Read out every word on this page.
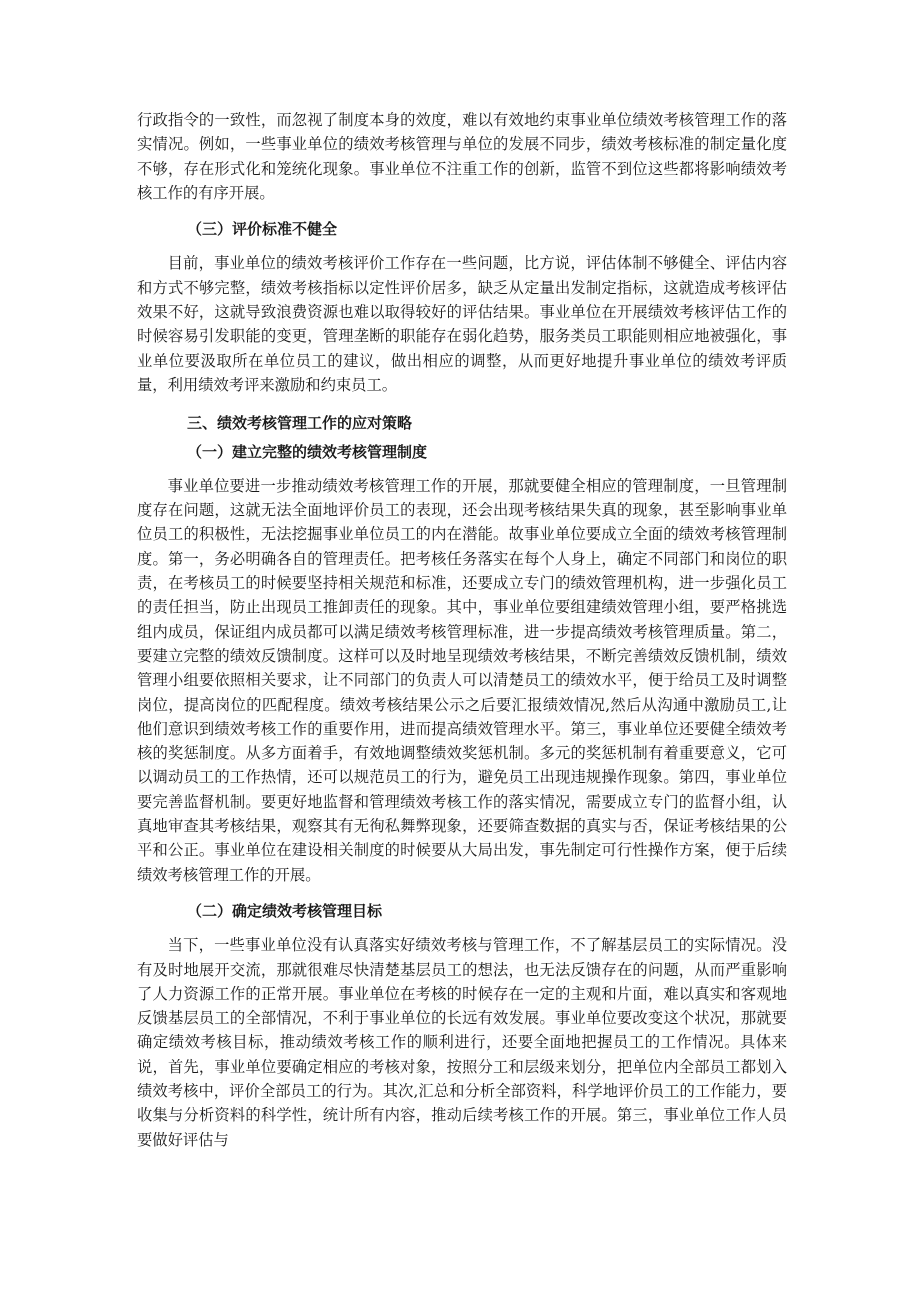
行政指令的一致性，而忽视了制度本身的效度，难以有效地约束事业单位绩效考核管理工作的落实情况。例如，一些事业单位的绩效考核管理与单位的发展不同步，绩效考核标准的制定量化度不够，存在形式化和笼统化现象。事业单位不注重工作的创新，监管不到位这些都将影响绩效考核工作的有序开展。

（三）评价标准不健全

目前，事业单位的绩效考核评价工作存在一些问题，比方说，评估体制不够健全、评估内容和方式不够完整，绩效考核指标以定性评价居多，缺乏从定量出发制定指标，这就造成考核评估效果不好，这就导致浪费资源也难以取得较好的评估结果。事业单位在开展绩效考核评估工作的时候容易引发职能的变更，管理垄断的职能存在弱化趋势，服务类员工职能则相应地被强化，事业单位要汲取所在单位员工的建议，做出相应的调整，从而更好地提升事业单位的绩效考评质量，利用绩效考评来激励和约束员工。

三、绩效考核管理工作的应对策略
（一）建立完整的绩效考核管理制度

事业单位要进一步推动绩效考核管理工作的开展，那就要健全相应的管理制度，一旦管理制度存在问题，这就无法全面地评价员工的表现，还会出现考核结果失真的现象，甚至影响事业单位员工的积极性，无法挖掘事业单位员工的内在潜能。故事业单位要成立全面的绩效考核管理制度。第一，务必明确各自的管理责任。把考核任务落实在每个人身上，确定不同部门和岗位的职责，在考核员工的时候要坚持相关规范和标准，还要成立专门的绩效管理机构，进一步强化员工的责任担当，防止出现员工推卸责任的现象。其中，事业单位要组建绩效管理小组，要严格挑选组内成员，保证组内成员都可以满足绩效考核管理标准，进一步提高绩效考核管理质量。第二，要建立完整的绩效反馈制度。这样可以及时地呈现绩效考核结果，不断完善绩效反馈机制，绩效管理小组要依照相关要求，让不同部门的负责人可以清楚员工的绩效水平，便于给员工及时调整岗位，提高岗位的匹配程度。绩效考核结果公示之后要汇报绩效情况,然后从沟通中激励员工,让他们意识到绩效考核工作的重要作用，进而提高绩效管理水平。第三，事业单位还要健全绩效考核的奖惩制度。从多方面着手，有效地调整绩效奖惩机制。多元的奖惩机制有着重要意义，它可以调动员工的工作热情，还可以规范员工的行为，避免员工出现违规操作现象。第四，事业单位要完善监督机制。要更好地监督和管理绩效考核工作的落实情况，需要成立专门的监督小组，认真地审查其考核结果，观察其有无徇私舞弊现象，还要筛查数据的真实与否，保证考核结果的公平和公正。事业单位在建设相关制度的时候要从大局出发，事先制定可行性操作方案，便于后续绩效考核管理工作的开展。

（二）确定绩效考核管理目标

当下，一些事业单位没有认真落实好绩效考核与管理工作，不了解基层员工的实际情况。没有及时地展开交流，那就很难尽快清楚基层员工的想法，也无法反馈存在的问题，从而严重影响了人力资源工作的正常开展。事业单位在考核的时候存在一定的主观和片面，难以真实和客观地反馈基层员工的全部情况，不利于事业单位的长远有效发展。事业单位要改变这个状况，那就要确定绩效考核目标，推动绩效考核工作的顺利进行，还要全面地把握员工的工作情况。具体来说，首先，事业单位要确定相应的考核对象，按照分工和层级来划分，把单位内全部员工都划入绩效考核中，评价全部员工的行为。其次,汇总和分析全部资料，科学地评价员工的工作能力，要收集与分析资料的科学性，统计所有内容，推动后续考核工作的开展。第三，事业单位工作人员要做好评估与
